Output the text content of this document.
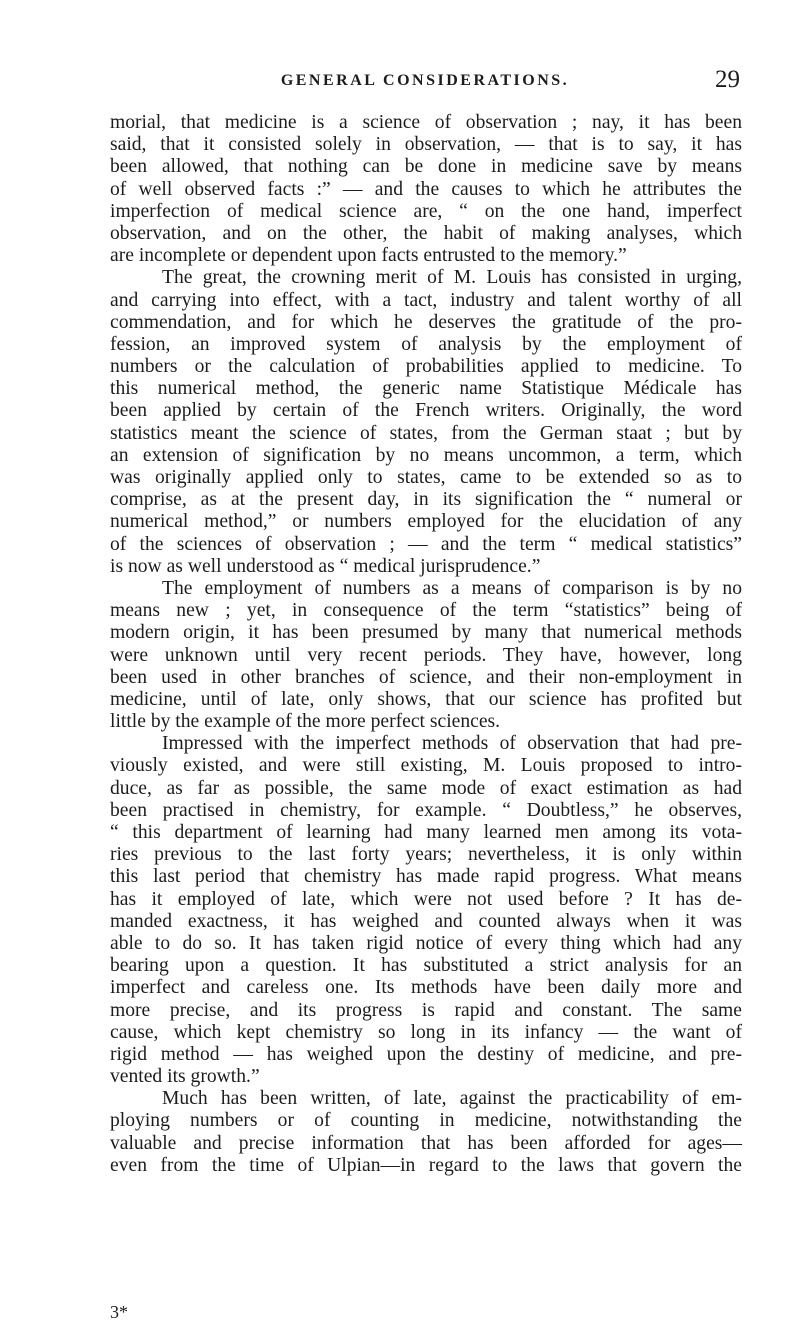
GENERAL CONSIDERATIONS.	29
morial, that medicine is a science of observation ; nay, it has been
said, that it consisted solely in observation, — that is to say, it has
been allowed, that nothing can be done in medicine save by means
of well observed facts :” — and the causes to which he attributes the
imperfection of medical science are, “ on the one hand, imperfect
observation, and on the other, the habit of making analyses, which
are incomplete or dependent upon facts entrusted to the memory.”
The great, the crowning merit of M. Louis has consisted in urging,
and carrying into effect, with a tact, industry and talent worthy of all
commendation, and for which he deserves the gratitude of the pro-
fession, an improved system of analysis by the employment of
numbers or the calculation of probabilities applied to medicine. To
this numerical method, the generic name Statistique Médicale has
been applied by certain of the French writers. Originally, the word
statistics meant the science of states, from the German staat ; but by
an extension of signification by no means uncommon, a term, which
was originally applied only to states, came to be extended so as to
comprise, as at the present day, in its signification the “ numeral or
numerical method,” or numbers employed for the elucidation of any
of the sciences of observation ; — and the term “ medical statistics”
is now as well understood as “ medical jurisprudence.”
The employment of numbers as a means of comparison is by no
means new ; yet, in consequence of the term “statistics” being of
modern origin, it has been presumed by many that numerical methods
were unknown until very recent periods. They have, however, long
been used in other branches of science, and their non-employment in
medicine, until of late, only shows, that our science has profited but
little by the example of the more perfect sciences.
Impressed with the imperfect methods of observation that had pre-
viously existed, and were still existing, M. Louis proposed to intro-
duce, as far as possible, the same mode of exact estimation as had
been practised in chemistry, for example. “ Doubtless,” he observes,
“ this department of learning had many learned men among its vota-
ries previous to the last forty years; nevertheless, it is only within
this last period that chemistry has made rapid progress. What means
has it employed of late, which were not used before ? It has de-
manded exactness, it has weighed and counted always when it was
able to do so. It has taken rigid notice of every thing which had any
bearing upon a question. It has substituted a strict analysis for an
imperfect and careless one. Its methods have been daily more and
more precise, and its progress is rapid and constant. The same
cause, which kept chemistry so long in its infancy — the want of
rigid method — has weighed upon the destiny of medicine, and pre-
vented its growth.”
Much has been written, of late, against the practicability of em-
ploying numbers or of counting in medicine, notwithstanding the
valuable and precise information that has been afforded for ages—
even from the time of Ulpian—in regard to the laws that govern the
3*
